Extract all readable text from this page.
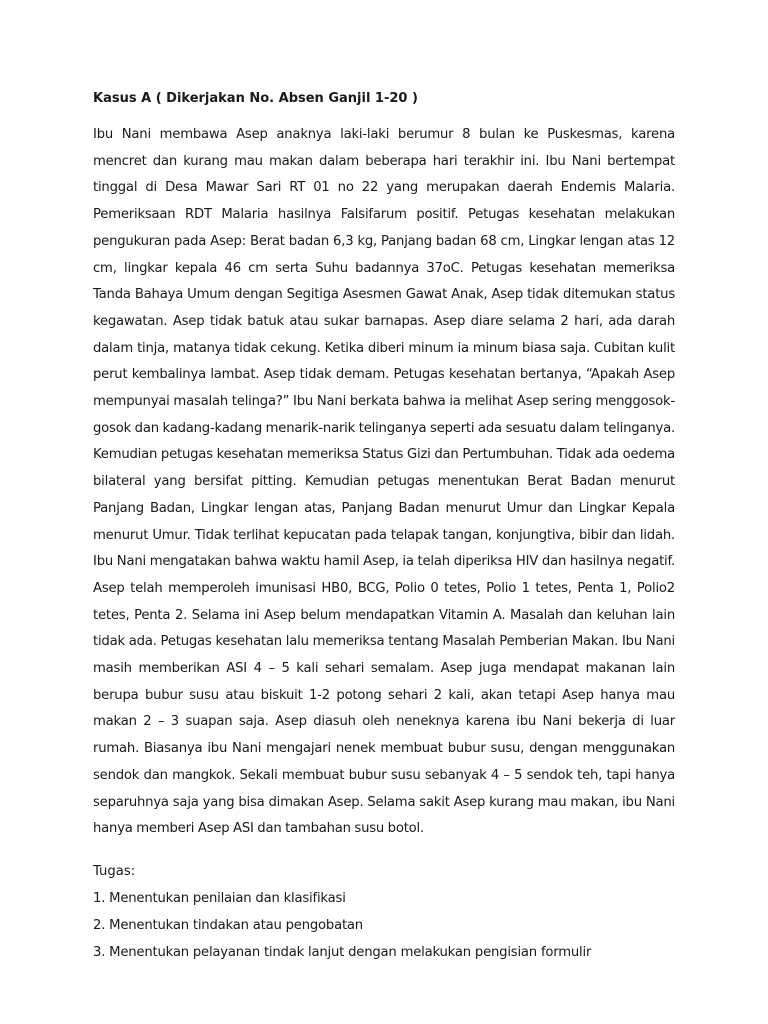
Kasus A ( Dikerjakan No. Absen Ganjil 1-20 )

Ibu Nani membawa Asep anaknya laki-laki berumur 8 bulan ke Puskesmas, karena mencret dan kurang mau makan dalam beberapa hari terakhir ini. Ibu Nani bertempat tinggal di Desa Mawar Sari RT 01 no 22 yang merupakan daerah Endemis Malaria. Pemeriksaan RDT Malaria hasilnya Falsifarum positif. Petugas kesehatan melakukan pengukuran pada Asep: Berat badan 6,3 kg, Panjang badan 68 cm, Lingkar lengan atas 12 cm, lingkar kepala 46 cm serta Suhu badannya 37oC. Petugas kesehatan memeriksa Tanda Bahaya Umum dengan Segitiga Asesmen Gawat Anak, Asep tidak ditemukan status kegawatan. Asep tidak batuk atau sukar barnapas. Asep diare selama 2 hari, ada darah dalam tinja, matanya tidak cekung. Ketika diberi minum ia minum biasa saja. Cubitan kulit perut kembalinya lambat. Asep tidak demam. Petugas kesehatan bertanya, “Apakah Asep mempunyai masalah telinga?” Ibu Nani berkata bahwa ia melihat Asep sering menggosok- gosok dan kadang-kadang menarik-narik telinganya seperti ada sesuatu dalam telinganya. Kemudian petugas kesehatan memeriksa Status Gizi dan Pertumbuhan. Tidak ada oedema bilateral yang bersifat pitting. Kemudian petugas menentukan Berat Badan menurut Panjang Badan, Lingkar lengan atas, Panjang Badan menurut Umur dan Lingkar Kepala menurut Umur. Tidak terlihat kepucatan pada telapak tangan, konjungtiva, bibir dan lidah. Ibu Nani mengatakan bahwa waktu hamil Asep, ia telah diperiksa HIV dan hasilnya negatif. Asep telah memperoleh imunisasi HB0, BCG, Polio 0 tetes, Polio 1 tetes, Penta 1, Polio2 tetes, Penta 2. Selama ini Asep belum mendapatkan Vitamin A. Masalah dan keluhan lain tidak ada. Petugas kesehatan lalu memeriksa tentang Masalah Pemberian Makan. Ibu Nani masih memberikan ASI 4 – 5 kali sehari semalam. Asep juga mendapat makanan lain berupa bubur susu atau biskuit 1-2 potong sehari 2 kali, akan tetapi Asep hanya mau makan 2 – 3 suapan saja. Asep diasuh oleh neneknya karena ibu Nani bekerja di luar rumah. Biasanya ibu Nani mengajari nenek membuat bubur susu, dengan menggunakan sendok dan mangkok. Sekali membuat bubur susu sebanyak 4 – 5 sendok teh, tapi hanya separuhnya saja yang bisa dimakan Asep. Selama sakit Asep kurang mau makan, ibu Nani hanya memberi Asep ASI dan tambahan susu botol.

Tugas:
1. Menentukan penilaian dan klasifikasi
2. Menentukan tindakan atau pengobatan
3. Menentukan pelayanan tindak lanjut dengan melakukan pengisian formulir
